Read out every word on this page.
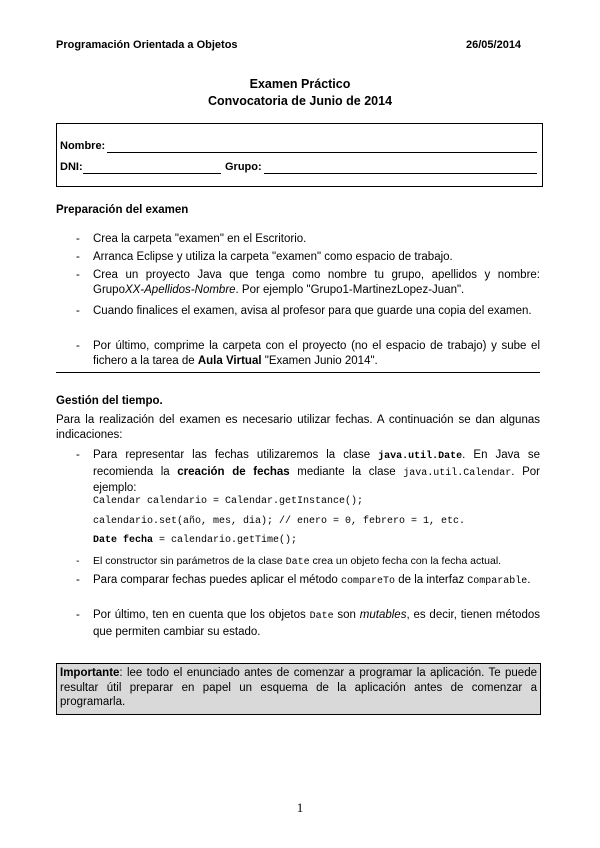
Programación Orientada a Objetos	26/05/2014
Examen Práctico
Convocatoria de Junio de 2014
Nombre:
DNI:	Grupo:
Preparación del examen
- Crea la carpeta "examen" en el Escritorio.
- Arranca Eclipse y utiliza la carpeta "examen" como espacio de trabajo.
- Crea un proyecto Java que tenga como nombre tu grupo, apellidos y nombre: GrupoXX-Apellidos-Nombre. Por ejemplo "Grupo1-MartinezLopez-Juan".
- Cuando finalices el examen, avisa al profesor para que guarde una copia del examen.
- Por último, comprime la carpeta con el proyecto (no el espacio de trabajo) y sube el fichero a la tarea de Aula Virtual "Examen Junio 2014".
Gestión del tiempo.
Para la realización del examen es necesario utilizar fechas. A continuación se dan algunas indicaciones:
- Para representar las fechas utilizaremos la clase java.util.Date. En Java se recomienda la creación de fechas mediante la clase java.util.Calendar. Por ejemplo:
Calendar calendario = Calendar.getInstance();
calendario.set(año, mes, dia); // enero = 0, febrero = 1, etc.
Date fecha = calendario.getTime();
- El constructor sin parámetros de la clase Date crea un objeto fecha con la fecha actual.
- Para comparar fechas puedes aplicar el método compareTo de la interfaz Comparable.
- Por último, ten en cuenta que los objetos Date son mutables, es decir, tienen métodos que permiten cambiar su estado.
Importante: lee todo el enunciado antes de comenzar a programar la aplicación. Te puede resultar útil preparar en papel un esquema de la aplicación antes de comenzar a programarla.
1
